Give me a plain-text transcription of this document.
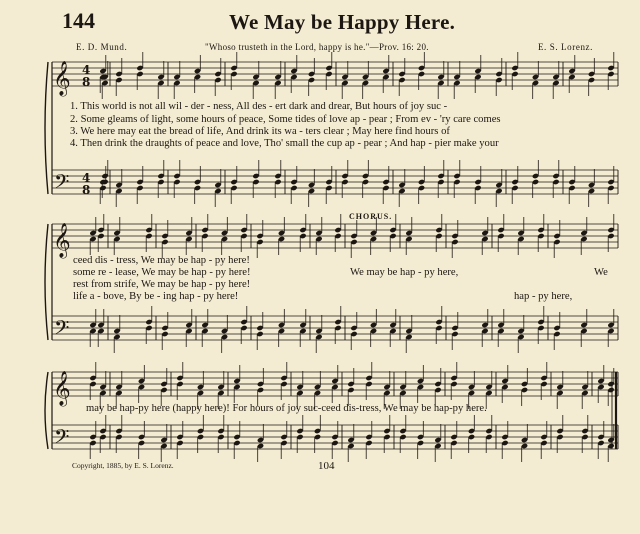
144	We May be Happy Here.
E. D. Mund.	"Whoso trusteth in the Lord, happy is he."—Prov. 16: 20.	E. S. Lorenz.
𝄞
𝄢
4
8
4
8
𝄞
𝄢
𝄞
𝄢
1. This world is not all wil - der - ness, All des - ert dark and drear, But hours of joy suc -
2. Some gleams of light, some hours of peace, Some tides of love ap - pear ; From ev - 'ry care comes
3. We here may eat the bread of life, And drink its wa - ters clear ; May here find hours of
4. Then drink the draughts of peace and love, Tho' small the cup ap - pear ; And hap - pier make your
ceed dis - tress, We may be hap - py here!
some re - lease, We may be hap - py here!
rest from strife, We may be hap - py here!
life a - bove, By be - ing hap - py here!
CHORUS.
We may be hap - py here,	We
hap - py here,
may be hap-py here (happy here)! For hours of joy suc-ceed dis-tress, We may be hap-py here.
Copyright, 1885, by E. S. Lorenz.	104
